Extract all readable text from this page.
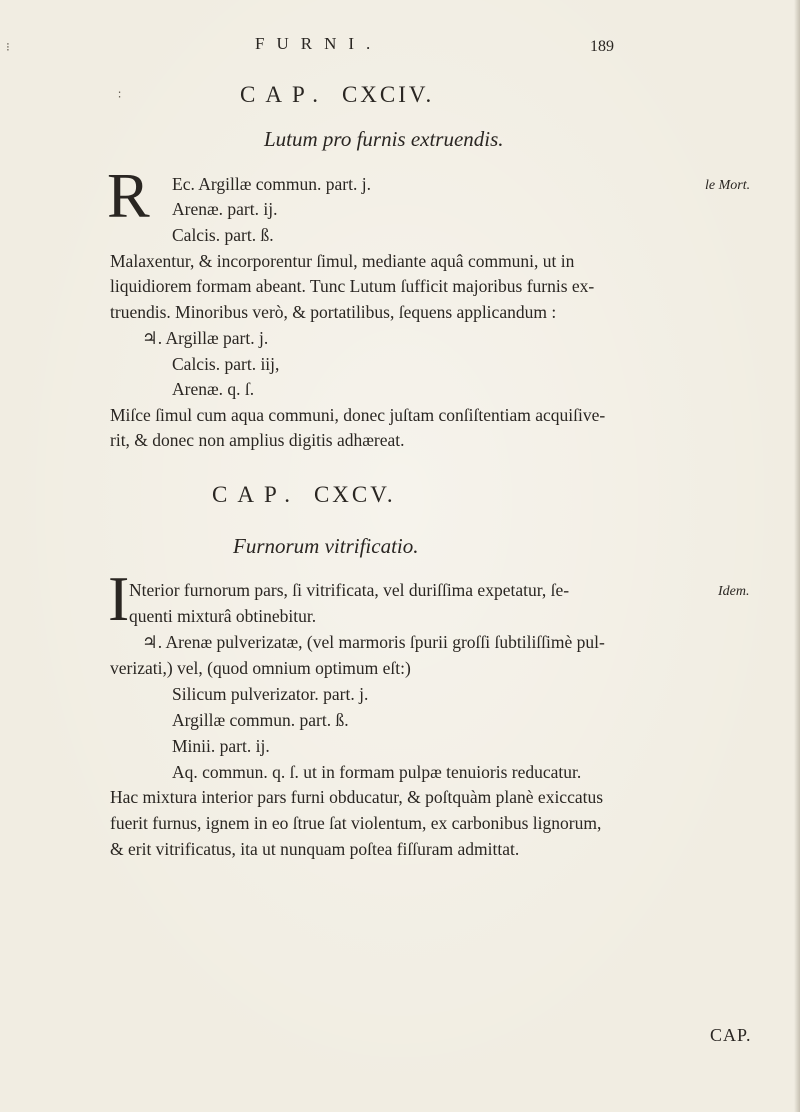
FURNI.	189
⁝
∶	CAP. CXCIV.
Lutum pro furnis extruendis.
R	le Mort.
Ec. Argillæ commun. part. j.
Arenæ. part. ij.
Calcis. part. ß.
Malaxentur, & incorporentur ſimul, mediante aquâ communi, ut in
liquidiorem formam abeant. Tunc Lutum ſufficit majoribus furnis ex-
truendis. Minoribus verò, & portatilibus, ſequens applicandum :
♃. Argillæ part. j.
Calcis. part. iij,
Arenæ. q. ſ.
Miſce ſimul cum aqua communi, donec juſtam conſiſtentiam acquiſive-
rit, & donec non amplius digitis adhæreat.
CAP. CXCV.
Furnorum vitrificatio.
I	Idem.
Nterior furnorum pars, ſi vitrificata, vel duriſſima expetatur, ſe-
quenti mixturâ obtinebitur.
♃. Arenæ pulverizatæ, (vel marmoris ſpurii groſſi ſubtiliſſimè pul-
verizati,) vel, (quod omnium optimum eſt:)
Silicum pulverizator. part. j.
Argillæ commun. part. ß.
Minii. part. ij.
Aq. commun. q. ſ. ut in formam pulpæ tenuioris reducatur.
Hac mixtura interior pars furni obducatur, & poſtquàm planè exiccatus
fuerit furnus, ignem in eo ſtrue ſat violentum, ex carbonibus lignorum,
& erit vitrificatus, ita ut nunquam poſtea fiſſuram admittat.
CAP.
